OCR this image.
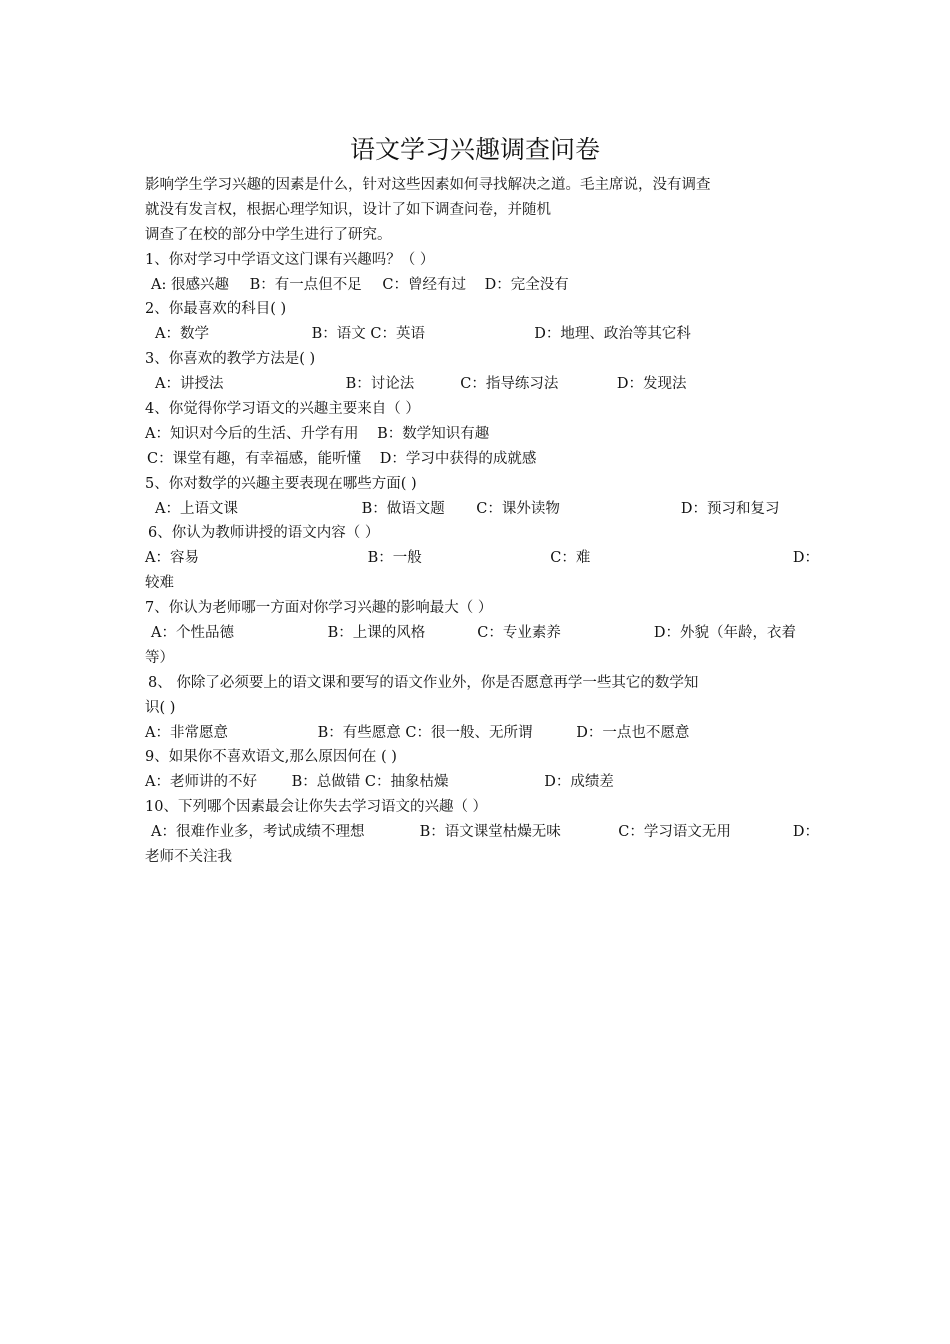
语文学习兴趣调查问卷
影响学生学习兴趣的因素是什么，针对这些因素如何寻找解决之道。毛主席说，没有调查
就没有发言权，根据心理学知识，设计了如下调查问卷，并随机
调查了在校的部分中学生进行了研究。
1、你对学习中学语文这门课有兴趣吗？（ ）
A: 很感兴趣 B：有一点但不足 C：曾经有过 D：完全没有
2、你最喜欢的科目( )
A：数学	B：语文 C：英语	D：地理、政治等其它科
3、你喜欢的教学方法是( )
A：讲授法	B：讨论法	C：指导练习法	D：发现法
4、你觉得你学习语文的兴趣主要来自（ ）
A：知识对今后的生活、升学有用 B：数学知识有趣
C：课堂有趣，有幸福感，能听懂 D：学习中获得的成就感
5、你对数学的兴趣主要表现在哪些方面( )
A：上语文课	B：做语文题 C：课外读物	D：预习和复习
6、你认为教师讲授的语文内容（ ）
A：容易	B：一般	C：难	D：
较难
7、你认为老师哪一方面对你学习兴趣的影响最大（ ）
A：个性品德	B：上课的风格	C：专业素养	D：外貌（年龄，衣着
等）
8、 你除了必须要上的语文课和要写的语文作业外，你是否愿意再学一些其它的数学知
识( )
A：非常愿意	B：有些愿意 C：很一般、无所谓	D：一点也不愿意
9、如果你不喜欢语文,那么原因何在 ( )
A：老师讲的不好 B：总做错 C：抽象枯燥	D：成绩差
10、下列哪个因素最会让你失去学习语文的兴趣（ ）
A：很难作业多，考试成绩不理想	B：语文课堂枯燥无味	C：学习语文无用	D：
老师不关注我
